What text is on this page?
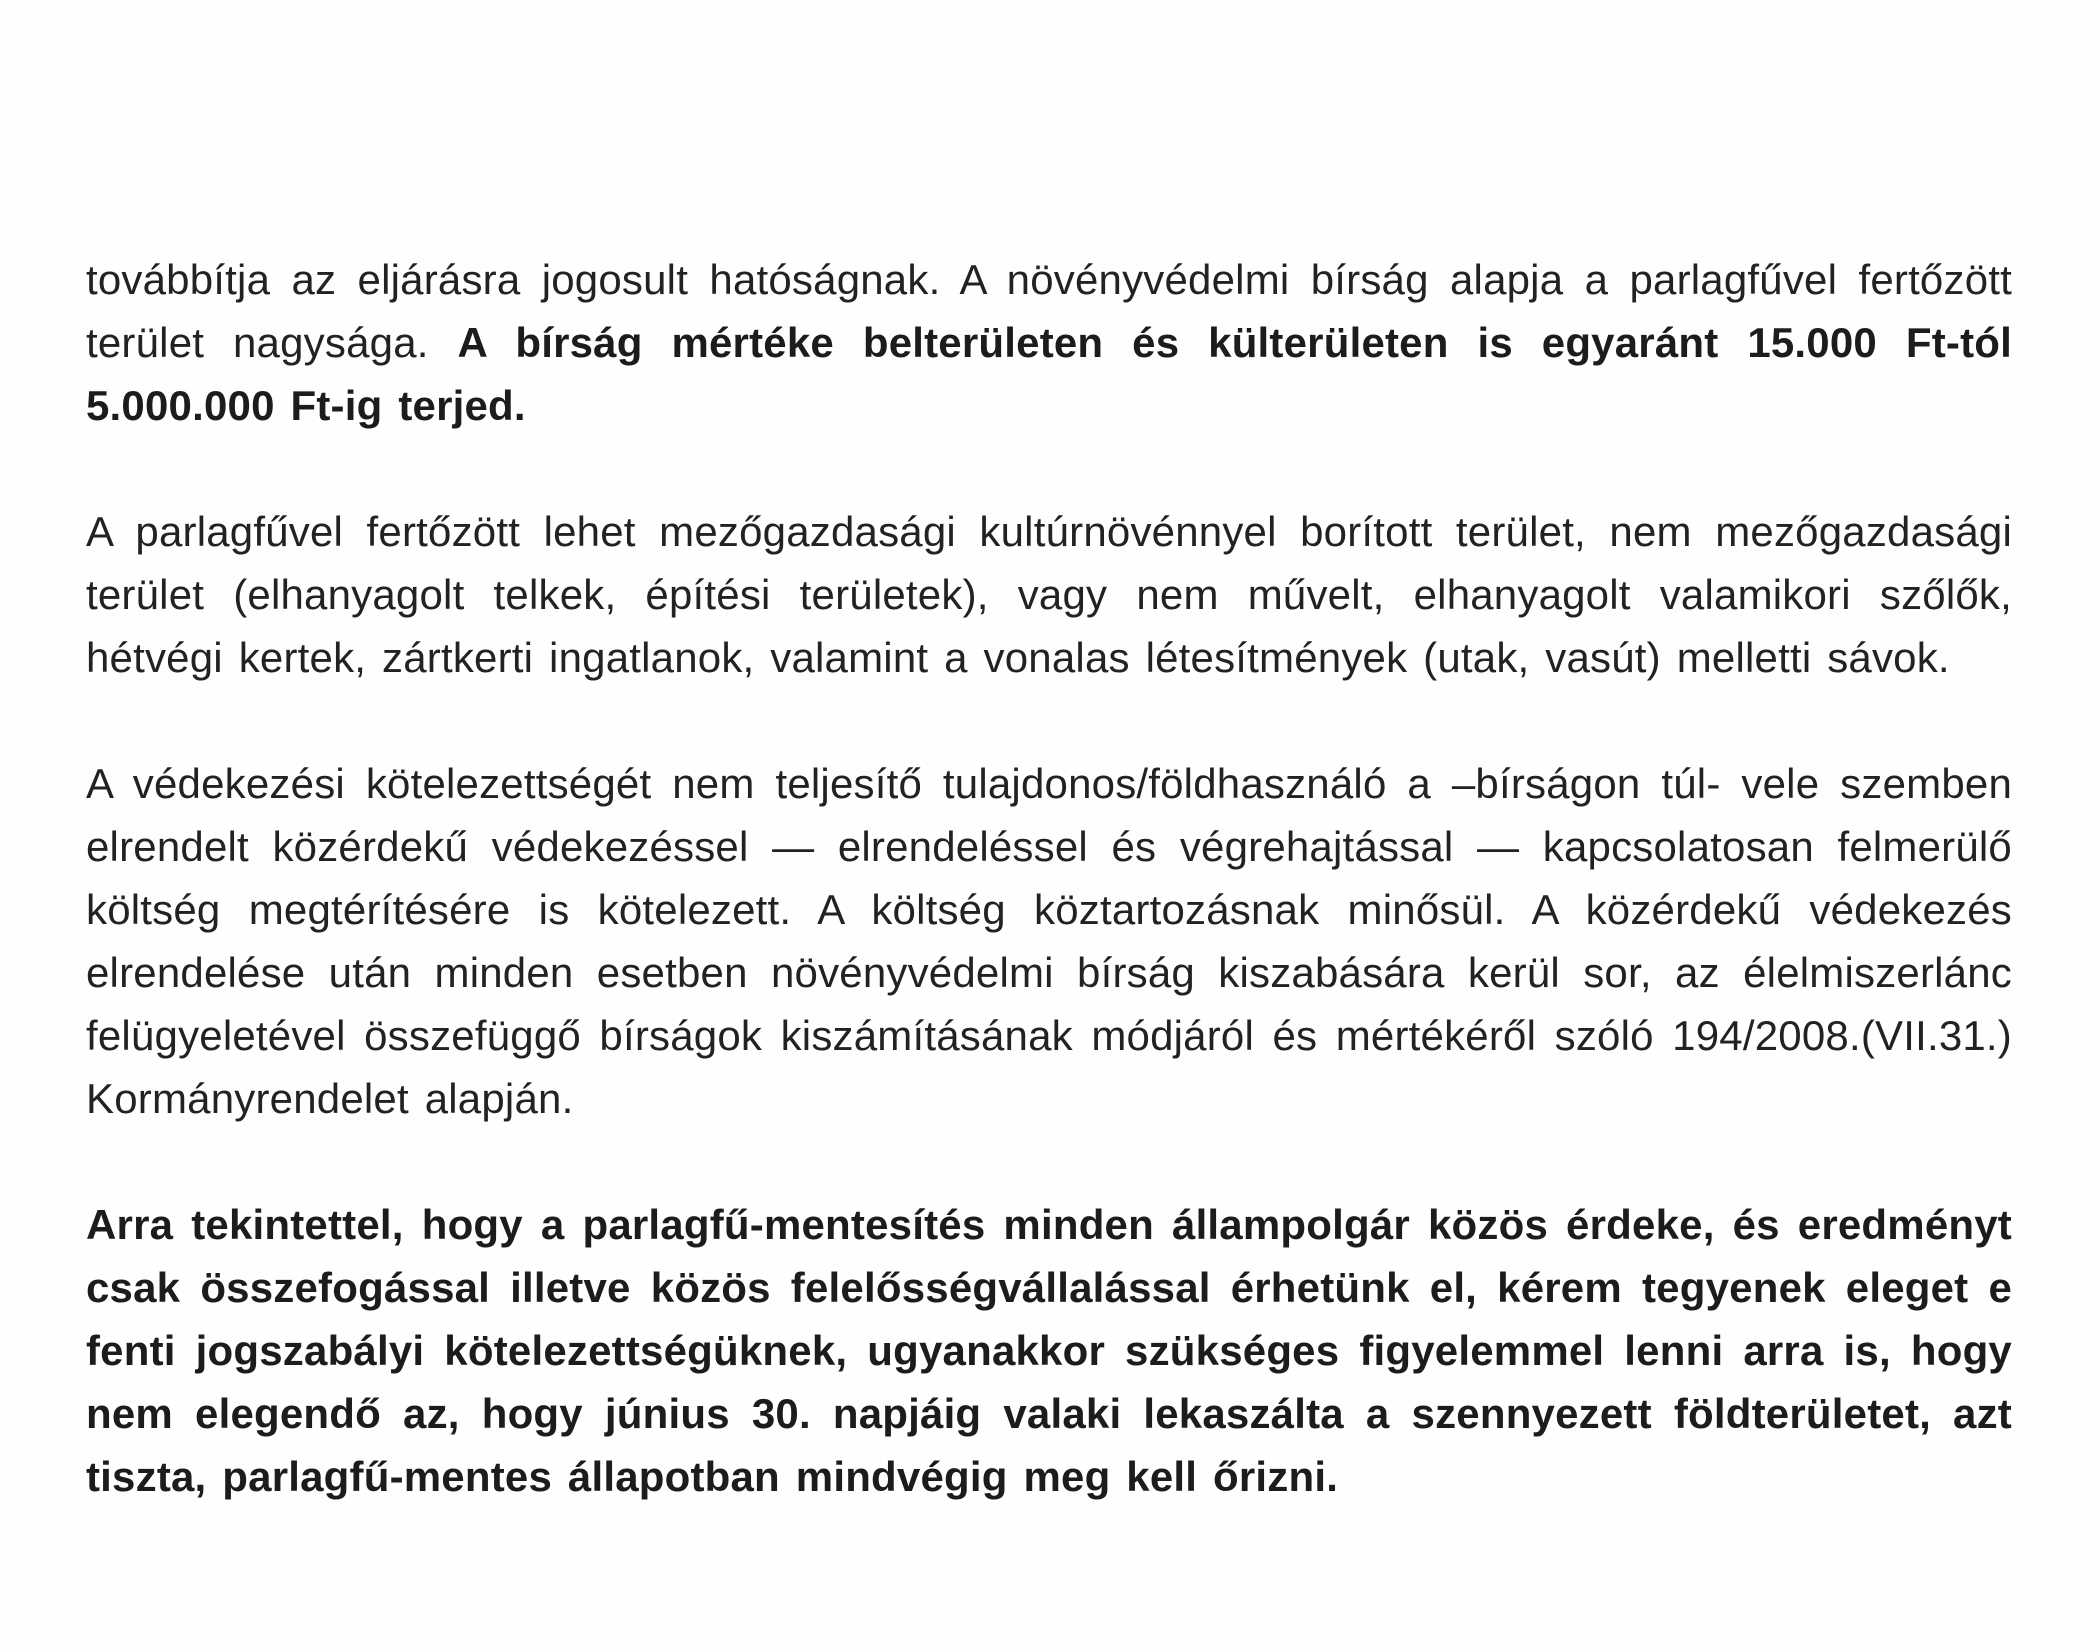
továbbítja az eljárásra jogosult hatóságnak. A növényvédelmi bírság alapja a parlagfűvel fertőzött terület nagysága. A bírság mértéke belterületen és külterületen is egyaránt 15.000 Ft-tól 5.000.000 Ft-ig terjed.

A parlagfűvel fertőzött lehet mezőgazdasági kultúrnövénnyel borított terület, nem mezőgazdasági terület (elhanyagolt telkek, építési területek), vagy nem művelt, elhanyagolt valamikori szőlők, hétvégi kertek, zártkerti ingatlanok, valamint a vonalas létesítmények (utak, vasút) melletti sávok.

A védekezési kötelezettségét nem teljesítő tulajdonos/földhasználó a –bírságon túl- vele szemben elrendelt közérdekű védekezéssel — elrendeléssel és végrehajtással — kapcsolatosan felmerülő költség megtérítésére is kötelezett. A költség köztartozásnak minősül. A közérdekű védekezés elrendelése után minden esetben növényvédelmi bírság kiszabására kerül sor, az élelmiszerlánc felügyeletével összefüggő bírságok kiszámításának módjáról és mértékéről szóló 194/2008.(VII.31.) Kormányrendelet alapján.

Arra tekintettel, hogy a parlagfű-mentesítés minden állampolgár közös érdeke, és eredményt csak összefogással illetve közös felelősségvállalással érhetünk el, kérem tegyenek eleget e fenti jogszabályi kötelezettségüknek, ugyanakkor szükséges figyelemmel lenni arra is, hogy nem elegendő az, hogy június 30. napjáig valaki lekaszálta a szennyezett földterületet, azt tiszta, parlagfű-mentes állapotban mindvégig meg kell őrizni.
